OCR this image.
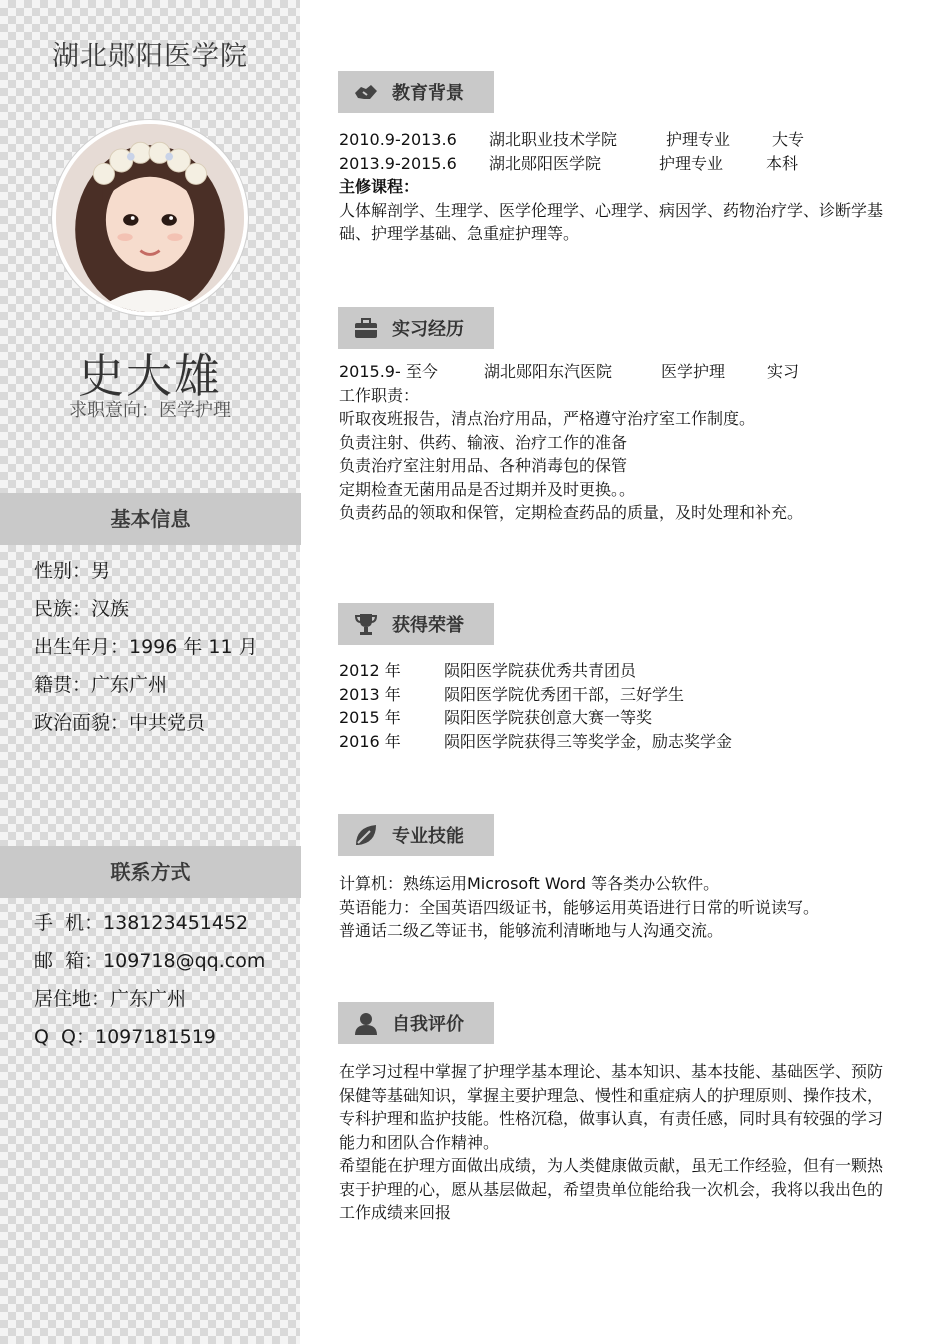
湖北郧阳医学院
史大雄
求职意向：医学护理
基本信息
性别：男
民族：汉族
出生年月：1996 年 11 月
籍贯：广东广州
政治面貌：中共党员
联系方式
手  机：138123451452
邮  箱：109718@qq.com
居住地：广东广州
Q  Q：1097181519
教育背景
2010.9-2013.6 湖北职业技术学院	护理专业	大专
2013.9-2015.6 湖北郧阳医学院	护理专业	本科
主修课程：
人体解剖学、生理学、医学伦理学、心理学、病因学、药物治疗学、诊断学基础、护理学基础、急重症护理等。
实习经历
2015.9- 至今	湖北郧阳东汽医院	医学护理	实习
工作职责：
听取夜班报告，清点治疗用品，严格遵守治疗室工作制度。
负责注射、供药、输液、治疗工作的准备
负责治疗室注射用品、各种消毒包的保管
定期检查无菌用品是否过期并及时更换。。
负责药品的领取和保管，定期检查药品的质量，及时处理和补充。
获得荣誉
2012 年	陨阳医学院获优秀共青团员
2013 年	陨阳医学院优秀团干部，三好学生
2015 年	陨阳医学院获创意大赛一等奖
2016 年	陨阳医学院获得三等奖学金，励志奖学金
专业技能
计算机：熟练运用Microsoft Word 等各类办公软件。
英语能力：全国英语四级证书，能够运用英语进行日常的听说读写。
普通话二级乙等证书，能够流利清晰地与人沟通交流。
自我评价
在学习过程中掌握了护理学基本理论、基本知识、基本技能、基础医学、预防保健等基础知识，掌握主要护理急、慢性和重症病人的护理原则、操作技术，专科护理和监护技能。性格沉稳，做事认真，有责任感，同时具有较强的学习能力和团队合作精神。
希望能在护理方面做出成绩，为人类健康做贡献，虽无工作经验，但有一颗热衷于护理的心，愿从基层做起，希望贵单位能给我一次机会，我将以我出色的工作成绩来回报
